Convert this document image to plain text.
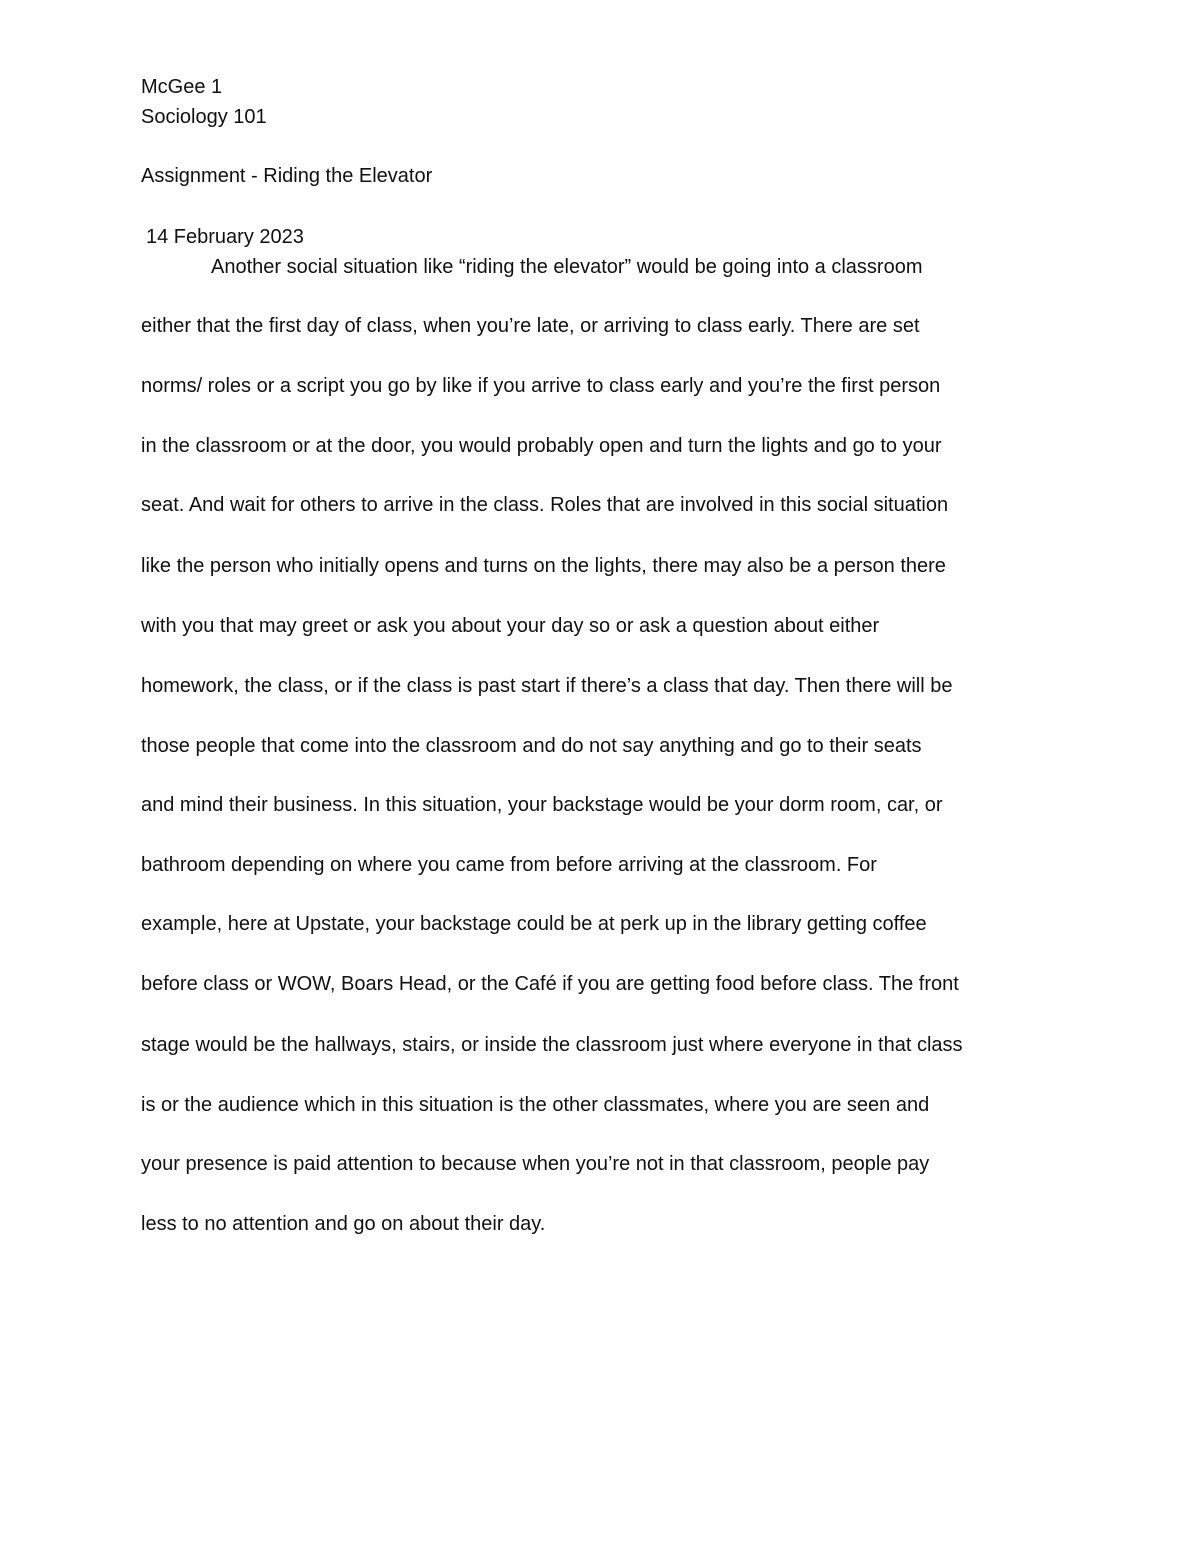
McGee 1
Sociology 101
Assignment - Riding the Elevator
14 February 2023
Another social situation like “riding the elevator” would be going into a classroom
either that the first day of class, when you’re late, or arriving to class early. There are set
norms/ roles or a script you go by like if you arrive to class early and you’re the first person
in the classroom or at the door, you would probably open and turn the lights and go to your
seat. And wait for others to arrive in the class. Roles that are involved in this social situation
like the person who initially opens and turns on the lights, there may also be a person there
with you that may greet or ask you about your day so or ask a question about either
homework, the class, or if the class is past start if there’s a class that day. Then there will be
those people that come into the classroom and do not say anything and go to their seats
and mind their business. In this situation, your backstage would be your dorm room, car, or
bathroom depending on where you came from before arriving at the classroom. For
example, here at Upstate, your backstage could be at perk up in the library getting coffee
before class or WOW, Boars Head, or the Café if you are getting food before class. The front
stage would be the hallways, stairs, or inside the classroom just where everyone in that class
is or the audience which in this situation is the other classmates, where you are seen and
your presence is paid attention to because when you’re not in that classroom, people pay
less to no attention and go on about their day.
